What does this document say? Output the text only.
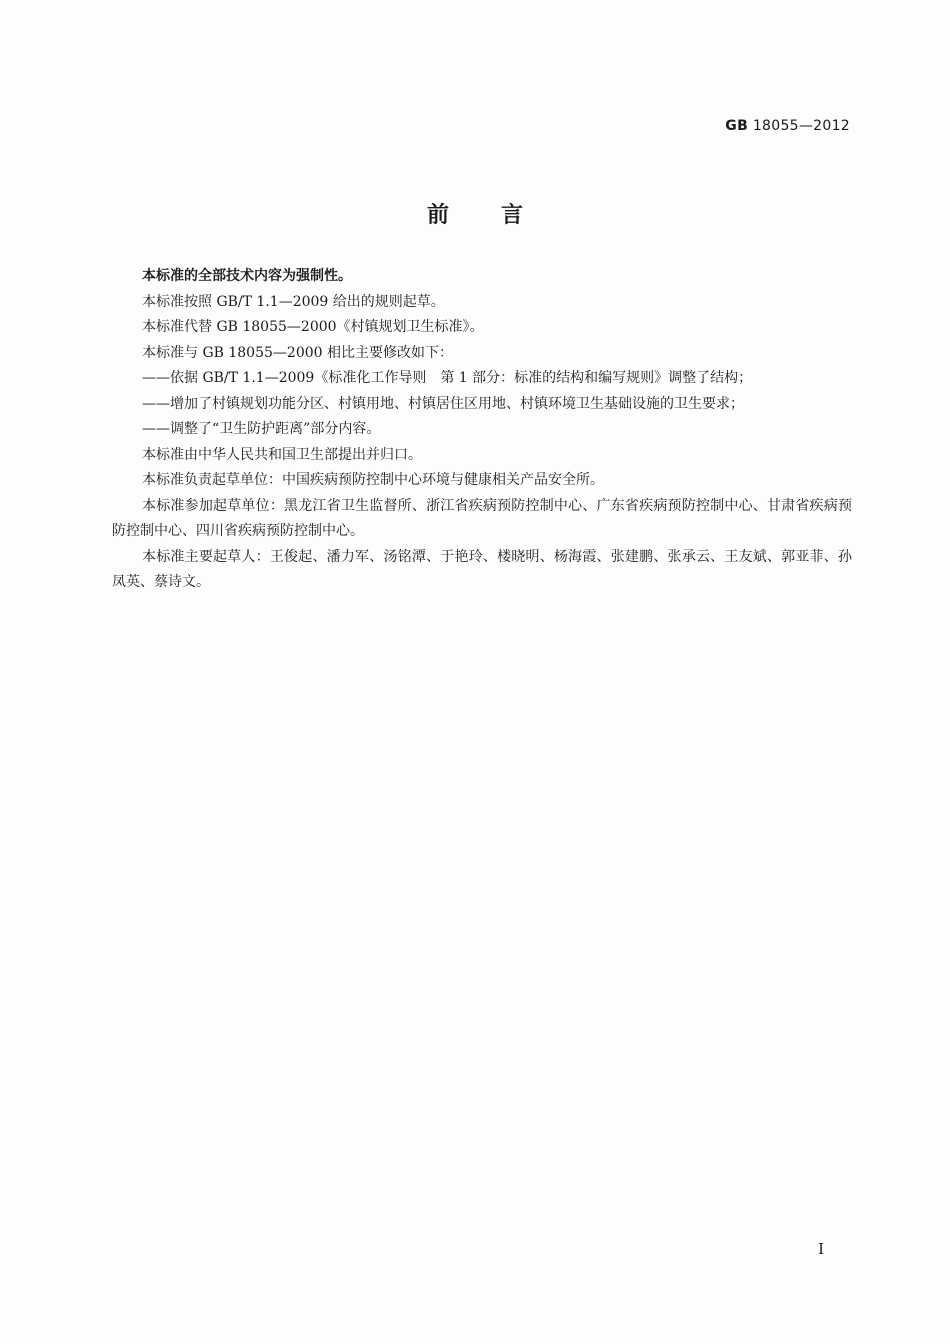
GB 18055—2012
前言

本标准的全部技术内容为强制性。

本标准按照 GB/T 1.1—2009 给出的规则起草。

本标准代替 GB 18055—2000《村镇规划卫生标准》。

本标准与 GB 18055—2000 相比主要修改如下：

——依据 GB/T 1.1—2009《标准化工作导则　第 1 部分：标准的结构和编写规则》调整了结构；

——增加了村镇规划功能分区、村镇用地、村镇居住区用地、村镇环境卫生基础设施的卫生要求；

——调整了“卫生防护距离”部分内容。

本标准由中华人民共和国卫生部提出并归口。

本标准负责起草单位：中国疾病预防控制中心环境与健康相关产品安全所。

本标准参加起草单位：黑龙江省卫生监督所、浙江省疾病预防控制中心、广东省疾病预防控制中心、甘肃省疾病预防控制中心、四川省疾病预防控制中心。

本标准主要起草人：王俊起、潘力军、汤铭潭、于艳玲、楼晓明、杨海霞、张建鹏、张承云、王友斌、郭亚菲、孙凤英、蔡诗文。

I
